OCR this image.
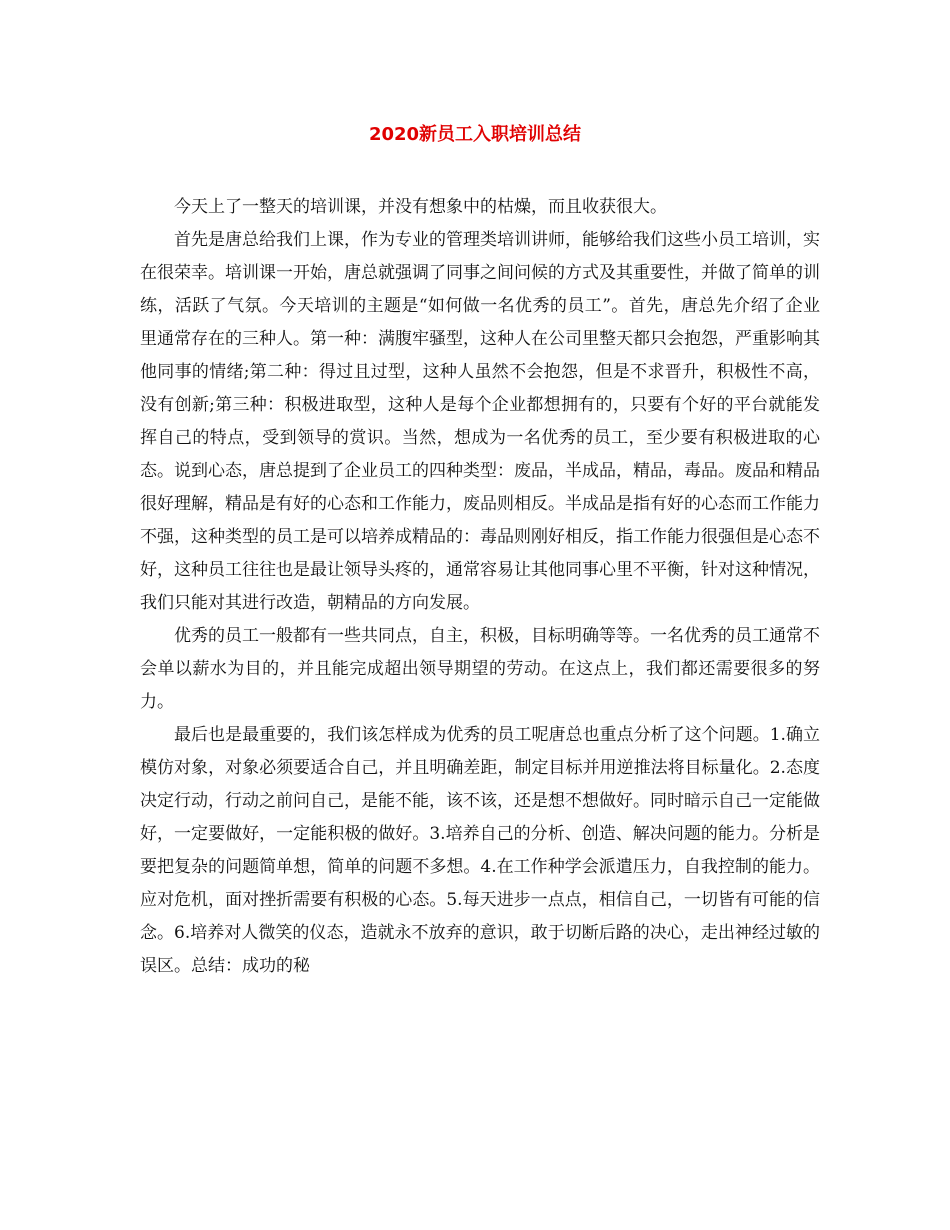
2020新员工入职培训总结

今天上了一整天的培训课，并没有想象中的枯燥，而且收获很大。

首先是唐总给我们上课，作为专业的管理类培训讲师，能够给我们这些小员工培训，实在很荣幸。培训课一开始，唐总就强调了同事之间问候的方式及其重要性，并做了简单的训练，活跃了气氛。今天培训的主题是“如何做一名优秀的员工”。首先，唐总先介绍了企业里通常存在的三种人。第一种：满腹牢骚型，这种人在公司里整天都只会抱怨，严重影响其他同事的情绪;第二种：得过且过型，这种人虽然不会抱怨，但是不求晋升，积极性不高，没有创新;第三种：积极进取型，这种人是每个企业都想拥有的，只要有个好的平台就能发挥自己的特点，受到领导的赏识。当然，想成为一名优秀的员工，至少要有积极进取的心态。说到心态，唐总提到了企业员工的四种类型：废品，半成品，精品，毒品。废品和精品很好理解，精品是有好的心态和工作能力，废品则相反。半成品是指有好的心态而工作能力不强，这种类型的员工是可以培养成精品的：毒品则刚好相反，指工作能力很强但是心态不好，这种员工往往也是最让领导头疼的，通常容易让其他同事心里不平衡，针对这种情况，我们只能对其进行改造，朝精品的方向发展。

优秀的员工一般都有一些共同点，自主，积极，目标明确等等。一名优秀的员工通常不会单以薪水为目的，并且能完成超出领导期望的劳动。在这点上，我们都还需要很多的努力。

最后也是最重要的，我们该怎样成为优秀的员工呢唐总也重点分析了这个问题。1.确立模仿对象，对象必须要适合自己，并且明确差距，制定目标并用逆推法将目标量化。2.态度决定行动，行动之前问自己，是能不能，该不该，还是想不想做好。同时暗示自己一定能做好，一定要做好，一定能积极的做好。3.培养自己的分析、创造、解决问题的能力。分析是要把复杂的问题简单想，简单的问题不多想。4.在工作种学会派遣压力，自我控制的能力。应对危机，面对挫折需要有积极的心态。5.每天进步一点点，相信自己，一切皆有可能的信念。6.培养对人微笑的仪态，造就永不放弃的意识，敢于切断后路的决心，走出神经过敏的误区。总结：成功的秘
